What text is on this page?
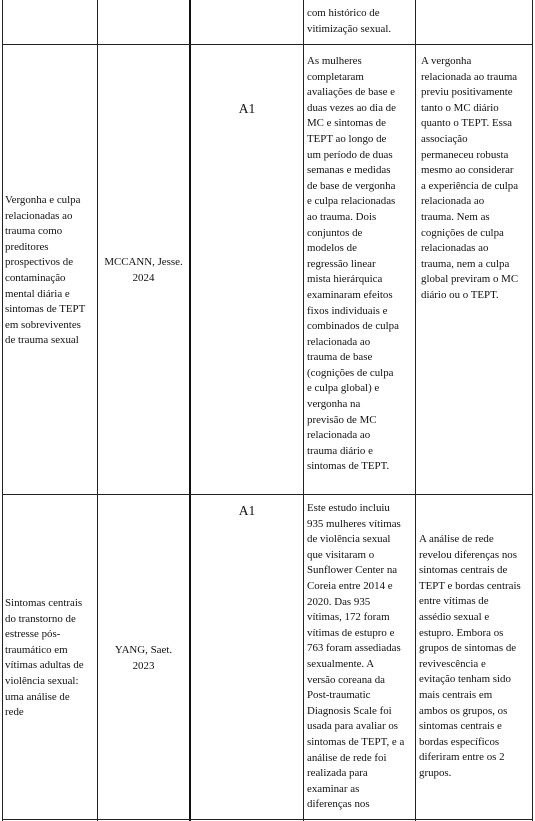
com histórico de
vitimização sexual.

Vergonha e culpa
relacionadas ao
trauma como
preditores
prospectivos de
contaminação
mental diária e
sintomas de TEPT
em sobreviventes
de trauma sexual

MCCANN, Jesse.
2024

A1

As mulheres
completaram
avaliações de base e
duas vezes ao dia de
MC e sintomas de
TEPT ao longo de
um período de duas
semanas e medidas
de base de vergonha
e culpa relacionadas
ao trauma. Dois
conjuntos de
modelos de
regressão linear
mista hierárquica
examinaram efeitos
fixos individuais e
combinados de culpa
relacionada ao
trauma de base
(cognições de culpa
e culpa global) e
vergonha na
previsão de MC
relacionada ao
trauma diário e
sintomas de TEPT.

A vergonha
relacionada ao trauma
previu positivamente
tanto o MC diário
quanto o TEPT. Essa
associação
permaneceu robusta
mesmo ao considerar
a experiência de culpa
relacionada ao
trauma. Nem as
cognições de culpa
relacionadas ao
trauma, nem a culpa
global previram o MC
diário ou o TEPT.

Sintomas centrais
do transtorno de
estresse pós-
traumático em
vítimas adultas de
violência sexual:
uma análise de
rede

YANG, Saet.
2023

A1	Este estudo incluiu
935 mulheres vítimas
de violência sexual
que visitaram o
Sunflower Center na
Coreia entre 2014 e
2020. Das 935
vítimas, 172 foram
vítimas de estupro e
763 foram assediadas
sexualmente. A
versão coreana da
Post-traumatic
Diagnosis Scale foi
usada para avaliar os
sintomas de TEPT, e a
análise de rede foi
realizada para
examinar as
diferenças nos

A análise de rede
revelou diferenças nos
sintomas centrais de
TEPT e bordas centrais
entre vítimas de
assédio sexual e
estupro. Embora os
grupos de sintomas de
revivescência e
evitação tenham sido
mais centrais em
ambos os grupos, os
sintomas centrais e
bordas específicos
diferiram entre os 2
grupos.
